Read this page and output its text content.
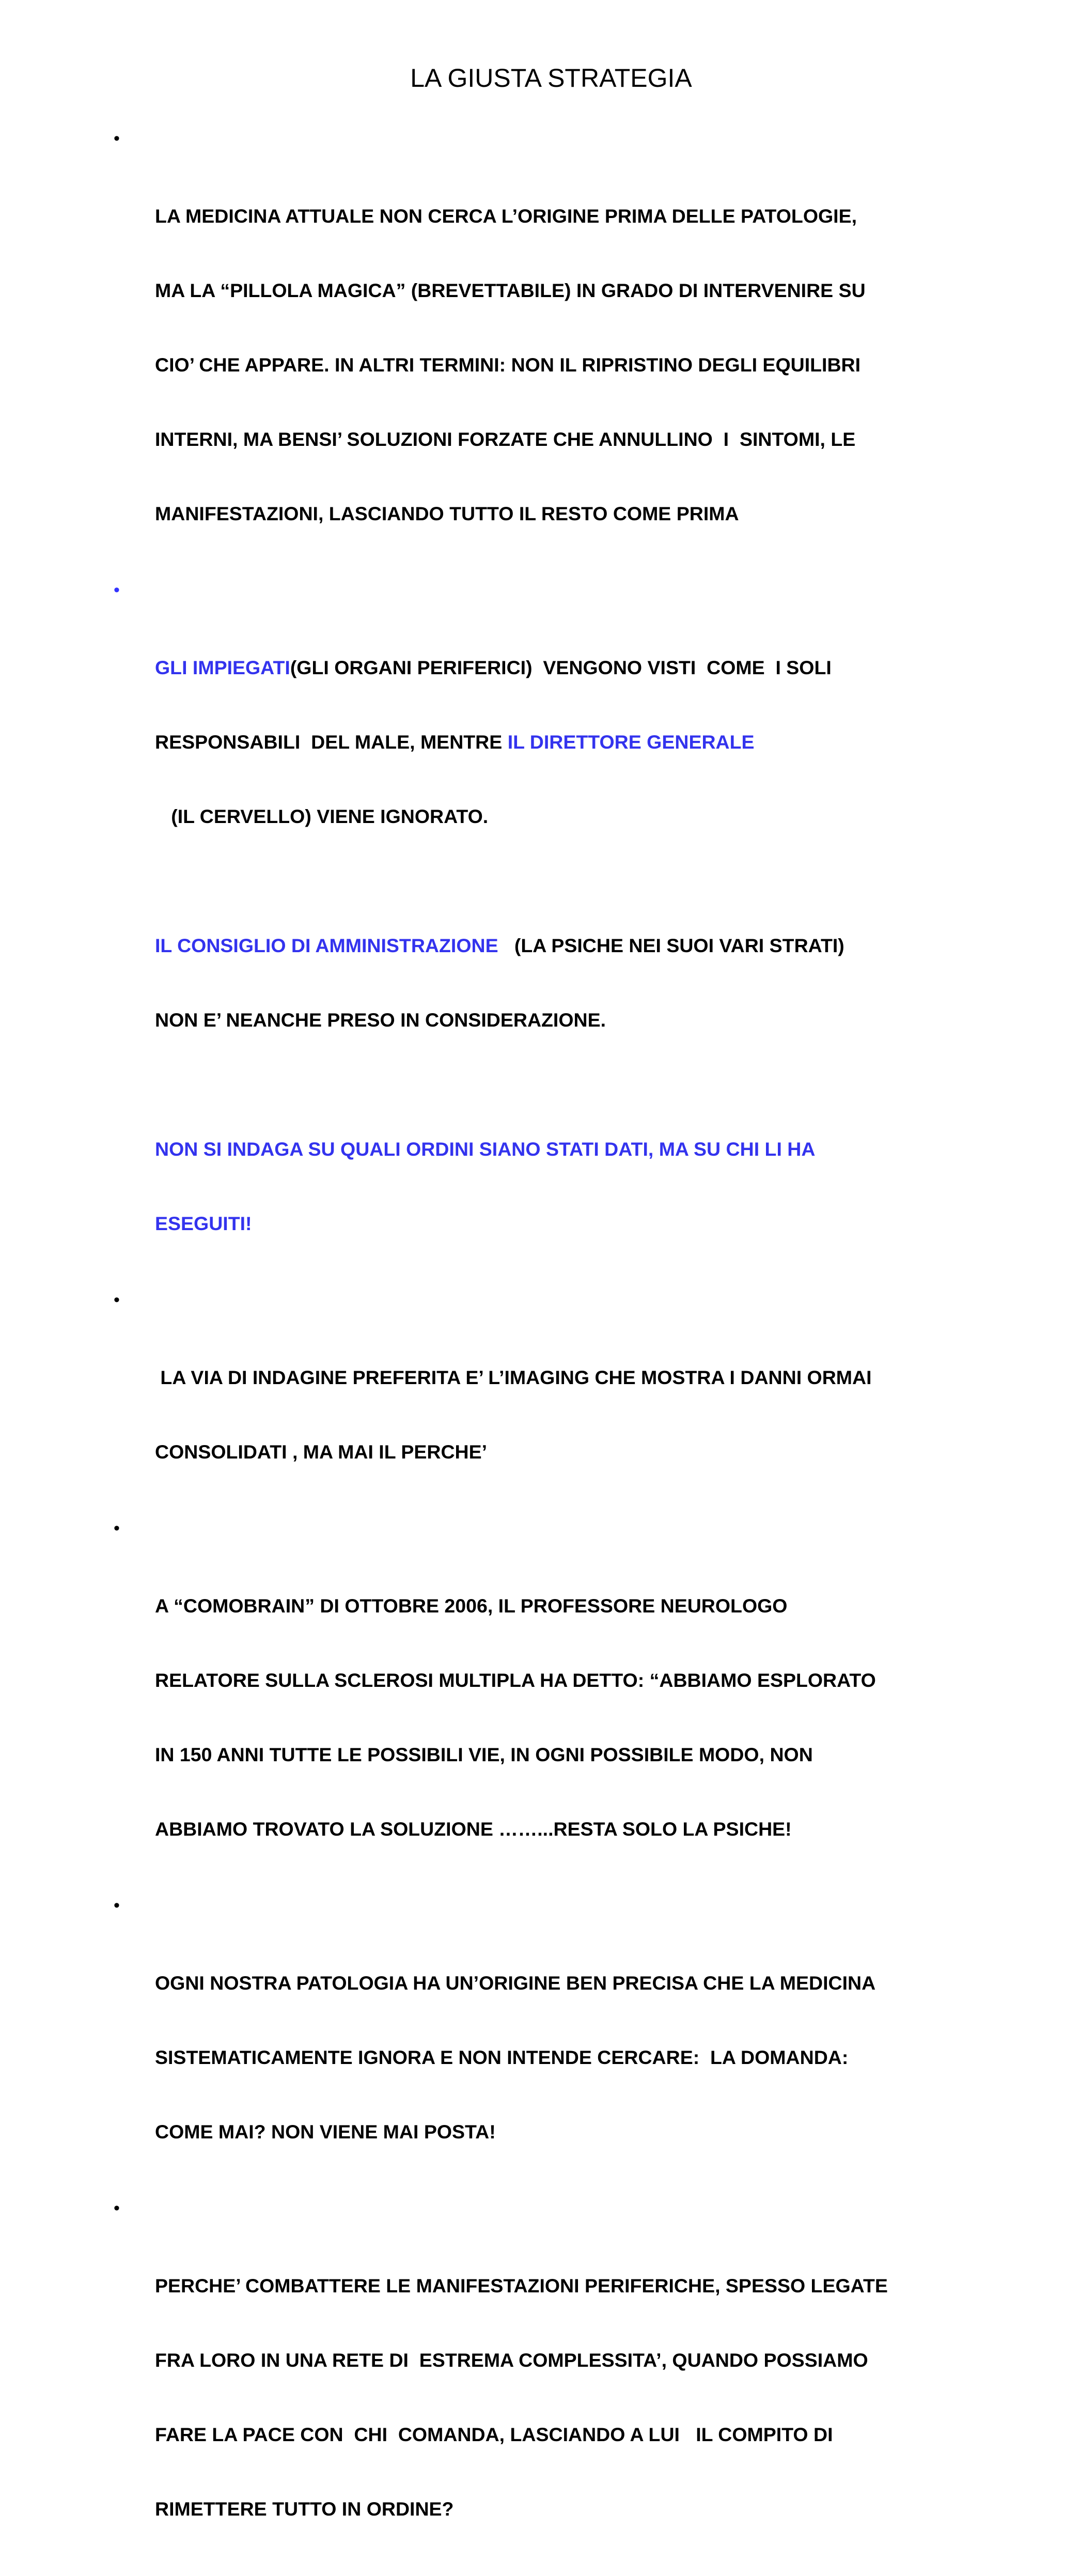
LA GIUSTA STRATEGIA

•

LA MEDICINA ATTUALE NON CERCA L’ORIGINE PRIMA DELLE PATOLOGIE,

MA LA “PILLOLA MAGICA” (BREVETTABILE) IN GRADO DI INTERVENIRE SU

CIO’ CHE APPARE. IN ALTRI TERMINI: NON IL RIPRISTINO DEGLI EQUILIBRI

INTERNI, MA BENSI’ SOLUZIONI FORZATE CHE ANNULLINO  I  SINTOMI, LE

MANIFESTAZIONI, LASCIANDO TUTTO IL RESTO COME PRIMA

•

GLI IMPIEGATI(GLI ORGANI PERIFERICI)  VENGONO VISTI  COME  I SOLI

RESPONSABILI  DEL MALE, MENTRE IL DIRETTORE GENERALE

(IL CERVELLO) VIENE IGNORATO.

IL CONSIGLIO DI AMMINISTRAZIONE   (LA PSICHE NEI SUOI VARI STRATI)

NON E’ NEANCHE PRESO IN CONSIDERAZIONE.

NON SI INDAGA SU QUALI ORDINI SIANO STATI DATI, MA SU CHI LI HA

ESEGUITI!

•

LA VIA DI INDAGINE PREFERITA E’ L’IMAGING CHE MOSTRA I DANNI ORMAI

CONSOLIDATI , MA MAI IL PERCHE’

•

A “COMOBRAIN” DI OTTOBRE 2006, IL PROFESSORE NEUROLOGO

RELATORE SULLA SCLEROSI MULTIPLA HA DETTO: “ABBIAMO ESPLORATO

IN 150 ANNI TUTTE LE POSSIBILI VIE, IN OGNI POSSIBILE MODO, NON

ABBIAMO TROVATO LA SOLUZIONE ……...RESTA SOLO LA PSICHE!

•

OGNI NOSTRA PATOLOGIA HA UN’ORIGINE BEN PRECISA CHE LA MEDICINA

SISTEMATICAMENTE IGNORA E NON INTENDE CERCARE:  LA DOMANDA:

COME MAI? NON VIENE MAI POSTA!

•

PERCHE’ COMBATTERE LE MANIFESTAZIONI PERIFERICHE, SPESSO LEGATE

FRA LORO IN UNA RETE DI  ESTREMA COMPLESSITA’, QUANDO POSSIAMO

FARE LA PACE CON  CHI  COMANDA, LASCIANDO A LUI   IL COMPITO DI

RIMETTERE TUTTO IN ORDINE?
